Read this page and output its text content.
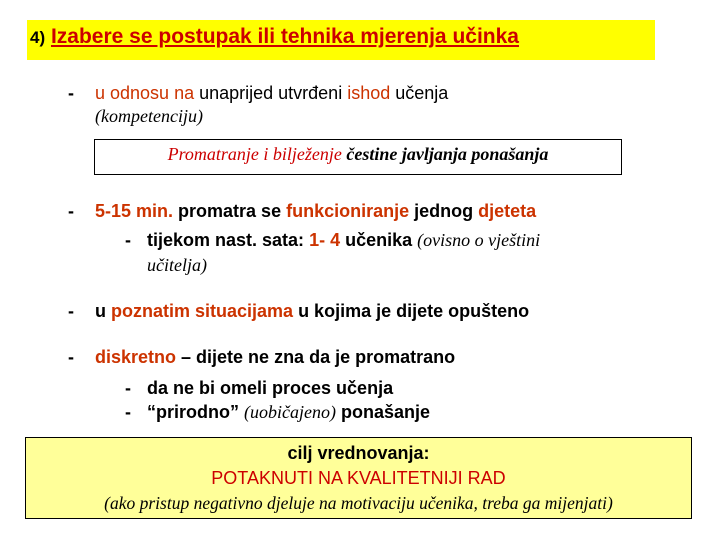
4) Izabere se postupak ili tehnika mjerenja učinka
- u odnosu na unaprijed utvrđeni ishod učenja
(kompetenciju)
Promatranje i bilježenje čestine javljanja ponašanja
- 5-15 min. promatra se funkcioniranje jednog djeteta
- tijekom nast. sata: 1- 4 učenika (ovisno o vještini
učitelja)
- u poznatim situacijama u kojima je dijete opušteno
- diskretno – dijete ne zna da je promatrano
- da ne bi omeli proces učenja
- “prirodno” (uobičajeno) ponašanje
cilj vrednovanja:
POTAKNUTI NA KVALITETNIJI RAD
(ako pristup negativno djeluje na motivaciju učenika, treba ga mijenjati)
